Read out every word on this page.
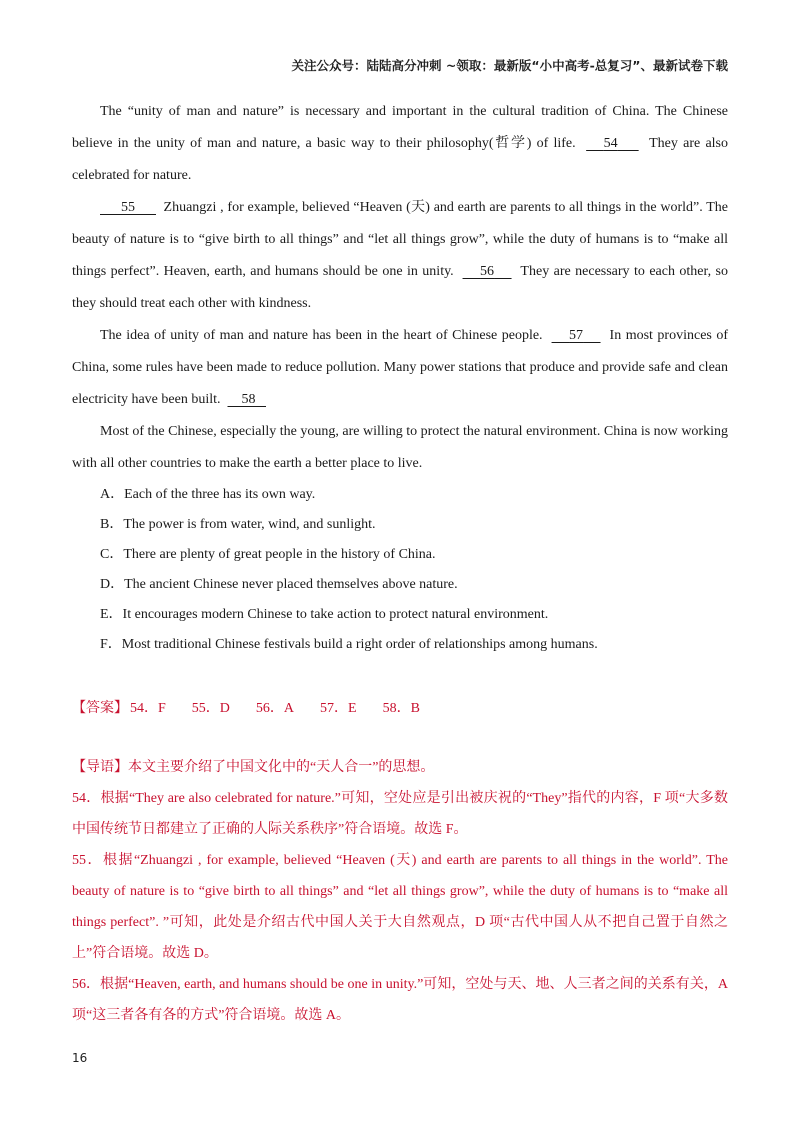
关注公众号：陆陆高分冲刺 ~领取：最新版“小中高考-总复习”、最新试卷下载

The “unity of man and nature” is necessary and important in the cultural tradition of China. The Chinese believe in the unity of man and nature, a basic way to their philosophy(哲学) of life. 54 They are also celebrated for nature.

55 Zhuangzi , for example, believed “Heaven (天) and earth are parents to all things in the world”. The beauty of nature is to “give birth to all things” and “let all things grow”, while the duty of humans is to “make all things perfect”. Heaven, earth, and humans should be one in unity. 56 They are necessary to each other, so they should treat each other with kindness.

The idea of unity of man and nature has been in the heart of Chinese people. 57 In most provinces of China, some rules have been made to reduce pollution. Many power stations that produce and provide safe and clean electricity have been built. 58

Most of the Chinese, especially the young, are willing to protect the natural environment. China is now working with all other countries to make the earth a better place to live.

A．Each of the three has its own way.

B．The power is from water, wind, and sunlight.

C．There are plenty of great people in the history of China.

D．The ancient Chinese never placed themselves above nature.

E．It encourages modern Chinese to take action to protect natural environment.

F．Most traditional Chinese festivals build a right order of relationships among humans.

【答案】 54．F 55．D 56．A 57．E 58．B

【导语】本文主要介绍了中国文化中的“天人合一”的思想。

54．根据“They are also celebrated for nature.”可知，空处应是引出被庆祝的“They”指代的内容，F 项“大多数中国传统节日都建立了正确的人际关系秩序”符合语境。故选 F。

55．根据“Zhuangzi , for example, believed “Heaven (天) and earth are parents to all things in the world”. The beauty of nature is to “give birth to all things” and “let all things grow”, while the duty of humans is to “make all things perfect”. ”可知，此处是介绍古代中国人关于大自然观点，D 项“古代中国人从不把自己置于自然之上”符合语境。故选 D。

56．根据“Heaven, earth, and humans should be one in unity.”可知，空处与天、地、人三者之间的关系有关，A 项“这三者各有各的方式”符合语境。故选 A。

16
